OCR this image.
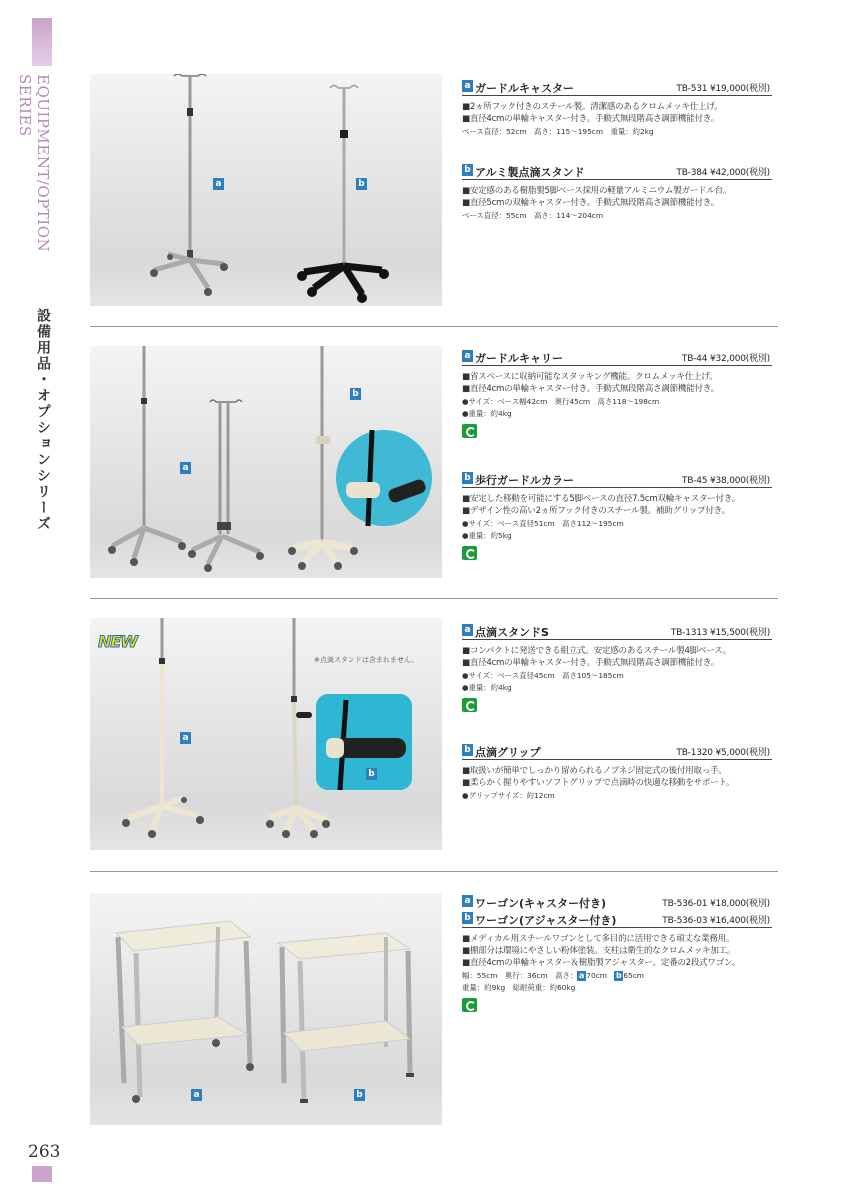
EQUIPMENT/OPTION SERIES
設備用品・オプションシリーズ
263
a	b
a ガードルキャスター	TB-531 ¥19,000(税別)
■2ヵ所フック付きのスチール製。清潔感のあるクロムメッキ仕上げ。
■直径4cmの単輪キャスター付き。手動式無段階高さ調節機能付き。
ベース直径：52cm　高さ：115～195cm　重量：約2kg
b アルミ製点滴スタンド	TB-384 ¥42,000(税別)
■安定感のある樹脂製5脚ベース採用の軽量アルミニウム製ガードル台。
■直径5cmの双輪キャスター付き。手動式無段階高さ調節機能付き。
ベース直径：55cm　高さ：114～204cm
a
b
a ガードルキャリー	TB-44 ¥32,000(税別)
■省スペースに収納可能なスタッキング機能。クロムメッキ仕上げ。
■直径4cmの単輪キャスター付き。手動式無段階高さ調節機能付き。
●サイズ：ベース幅42cm　奥行45cm　高さ118～198cm
●重量：約4kg
b 歩行ガードルカラー	TB-45 ¥38,000(税別)
■安定した移動を可能にする5脚ベースの直径7.5cm双輪キャスター付き。
■デザイン性の高い2ヵ所フック付きのスチール製。補助グリップ付き。
●サイズ：ベース直径51cm　高さ112～195cm
●重量：約5kg
a
b
NEW
※点滴スタンドは含まれません。
a 点滴スタンドS	TB-1313 ¥15,500(税別)
■コンパクトに発送できる組立式。安定感のあるスチール製4脚ベース。
■直径4cmの単輪キャスター付き。手動式無段階高さ調節機能付き。
●サイズ：ベース直径45cm　高さ105～185cm
●重量：約4kg
b 点滴グリップ	TB-1320 ¥5,000(税別)
■取扱いが簡単でしっかり留められるノブネジ固定式の後付用取っ手。
■柔らかく握りやすいソフトグリップで点滴時の快適な移動をサポート。
●グリップサイズ：約12cm
a	b
a ワーゴン(キャスター付き)	TB-536-01 ¥18,000(税別)
b ワーゴン(アジャスター付き)	TB-536-03 ¥16,400(税別)
■メディカル用スチールワゴンとして多目的に活用できる頑丈な業務用。
■棚部分は環境にやさしい粉体塗装。支柱は衛生的なクロムメッキ加工。
■直径4cmの単輪キャスター＆樹脂製アジャスター。定番の2段式ワゴン。
幅：55cm　奥行：36cm　高さ： a 70cm　 b 65cm
重量：約9kg　総耐荷重：約60kg
